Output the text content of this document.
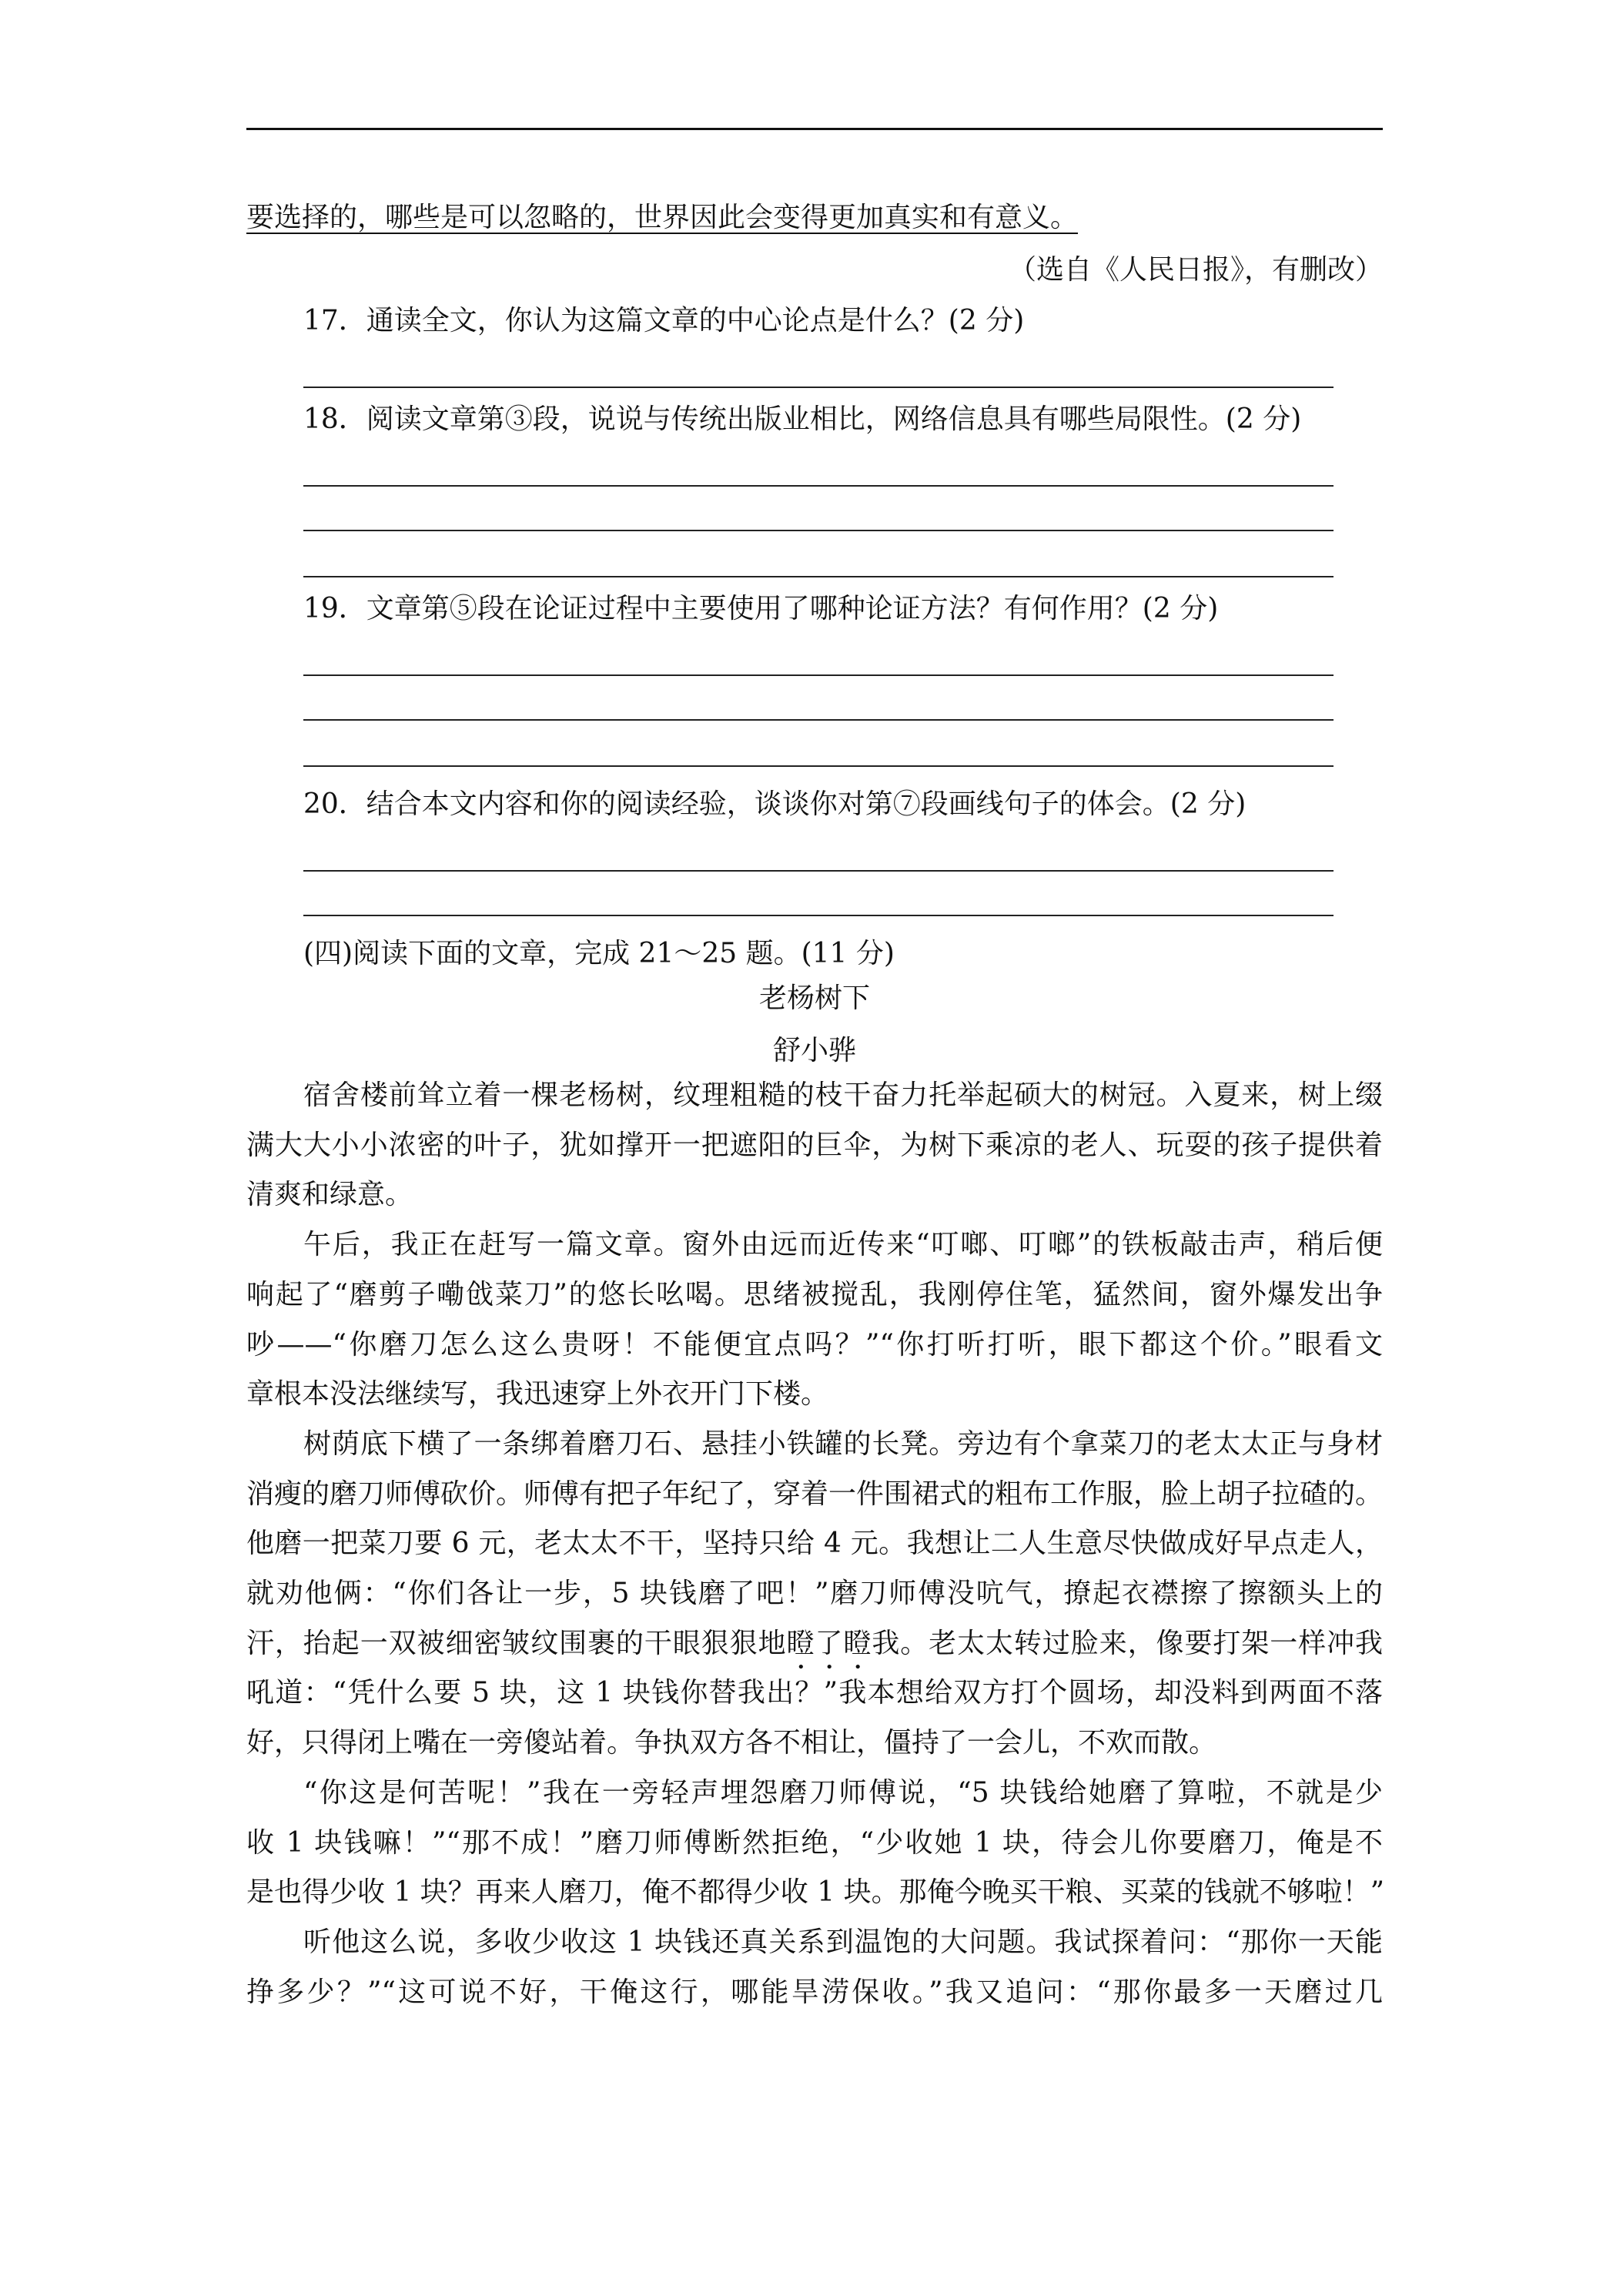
要选择的，哪些是可以忽略的，世界因此会变得更加真实和有意义。
（选自《人民日报》，有删改）
17．通读全文，你认为这篇文章的中心论点是什么？(2 分)
18．阅读文章第③段，说说与传统出版业相比，网络信息具有哪些局限性。(2 分)
19．文章第⑤段在论证过程中主要使用了哪种论证方法？有何作用？(2 分)
20．结合本文内容和你的阅读经验，谈谈你对第⑦段画线句子的体会。(2 分)
(四)阅读下面的文章，完成 21～25 题。(11 分)
老杨树下
舒小骅
宿舍楼前耸立着一棵老杨树，纹理粗糙的枝干奋力托举起硕大的树冠。入夏来，树上缀
满大大小小浓密的叶子，犹如撑开一把遮阳的巨伞，为树下乘凉的老人、玩耍的孩子提供着
清爽和绿意。
午后，我正在赶写一篇文章。窗外由远而近传来“叮啷、叮啷”的铁板敲击声，稍后便
响起了“磨剪子嘞戗菜刀”的悠长吆喝。思绪被搅乱，我刚停住笔，猛然间，窗外爆发出争
吵——“你磨刀怎么这么贵呀！不能便宜点吗？”“你打听打听，眼下都这个价。”眼看文
章根本没法继续写，我迅速穿上外衣开门下楼。
树荫底下横了一条绑着磨刀石、悬挂小铁罐的长凳。旁边有个拿菜刀的老太太正与身材
消瘦的磨刀师傅砍价。师傅有把子年纪了，穿着一件围裙式的粗布工作服，脸上胡子拉碴的。
他磨一把菜刀要 6 元，老太太不干，坚持只给 4 元。我想让二人生意尽快做成好早点走人，
就劝他俩：“你们各让一步，5 块钱磨了吧！”磨刀师傅没吭气，撩起衣襟擦了擦额头上的
汗，抬起一双被细密皱纹围裹的干眼狠狠地瞪了瞪我。老太太转过脸来，像要打架一样冲我
吼道：“凭什么要 5 块，这 1 块钱你替我出？”我本想给双方打个圆场，却没料到两面不落
好，只得闭上嘴在一旁傻站着。争执双方各不相让，僵持了一会儿，不欢而散。
“你这是何苦呢！”我在一旁轻声埋怨磨刀师傅说，“5 块钱给她磨了算啦，不就是少
收 1 块钱嘛！”“那不成！”磨刀师傅断然拒绝，“少收她 1 块，待会儿你要磨刀，俺是不
是也得少收 1 块？再来人磨刀，俺不都得少收 1 块。那俺今晚买干粮、买菜的钱就不够啦！”
听他这么说，多收少收这 1 块钱还真关系到温饱的大问题。我试探着问：“那你一天能
挣多少？”“这可说不好，干俺这行，哪能旱涝保收。”我又追问：“那你最多一天磨过几
